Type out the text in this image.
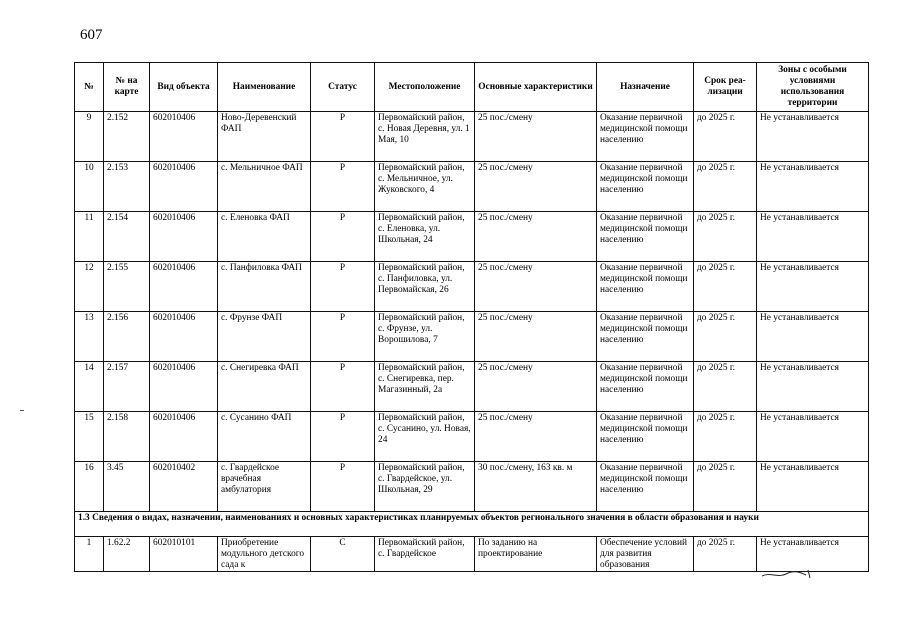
607
№	№ на карте	Вид объекта	Наименование	Статус	Местоположение	Основные характеристики	Назначение	Срок реа-лизации	Зоны с особыми условиями использования территории
9	2.152	602010406	Ново-Деревенский ФАП	Р	Первомайский район, с. Новая Деревня, ул. 1 Мая, 10	25 пос./смену	Оказание первичной медицинской помощи населению	до 2025 г.	Не устанавливается
10	2.153	602010406	с. Мельничное ФАП	Р	Первомайский район, с. Мельничное, ул. Жуковского, 4	25 пос./смену	Оказание первичной медицинской помощи населению	до 2025 г.	Не устанавливается
11	2.154	602010406	с. Еленовка ФАП	Р	Первомайский район, с. Еленовка, ул. Школьная, 24	25 пос./смену	Оказание первичной медицинской помощи населению	до 2025 г.	Не устанавливается
12	2.155	602010406	с. Панфиловка ФАП	Р	Первомайский район, с. Панфиловка, ул. Первомайская, 26	25 пос./смену	Оказание первичной медицинской помощи населению	до 2025 г.	Не устанавливается
13	2.156	602010406	с. Фрунзе ФАП	Р	Первомайский район, с. Фрунзе, ул. Ворошилова, 7	25 пос./смену	Оказание первичной медицинской помощи населению	до 2025 г.	Не устанавливается
14	2.157	602010406	с. Снегиревка ФАП	Р	Первомайский район, с. Снегиревка, пер. Магазинный, 2а	25 пос./смену	Оказание первичной медицинской помощи населению	до 2025 г.	Не устанавливается
15	2.158	602010406	с. Сусанино ФАП	Р	Первомайский район, с. Сусанино, ул. Новая, 24	25 пос./смену	Оказание первичной медицинской помощи населению	до 2025 г.	Не устанавливается
16	3.45	602010402	с. Гвардейское врачебная амбулатория	Р	Первомайский район, с. Гвардейское, ул. Школьная, 29	30 пос./смену, 163 кв. м	Оказание первичной медицинской помощи населению	до 2025 г.	Не устанавливается
1.3 Сведения о видах, назначении, наименованиях и основных характеристиках планируемых объектов регионального значения в области образования и науки									
1	1.62.2	602010101	Приобретение модульного детского сада к	С	Первомайский район, с. Гвардейское	По заданию на проектирование	Обеспечение условий для развития образования	до 2025 г.	Не устанавливается
